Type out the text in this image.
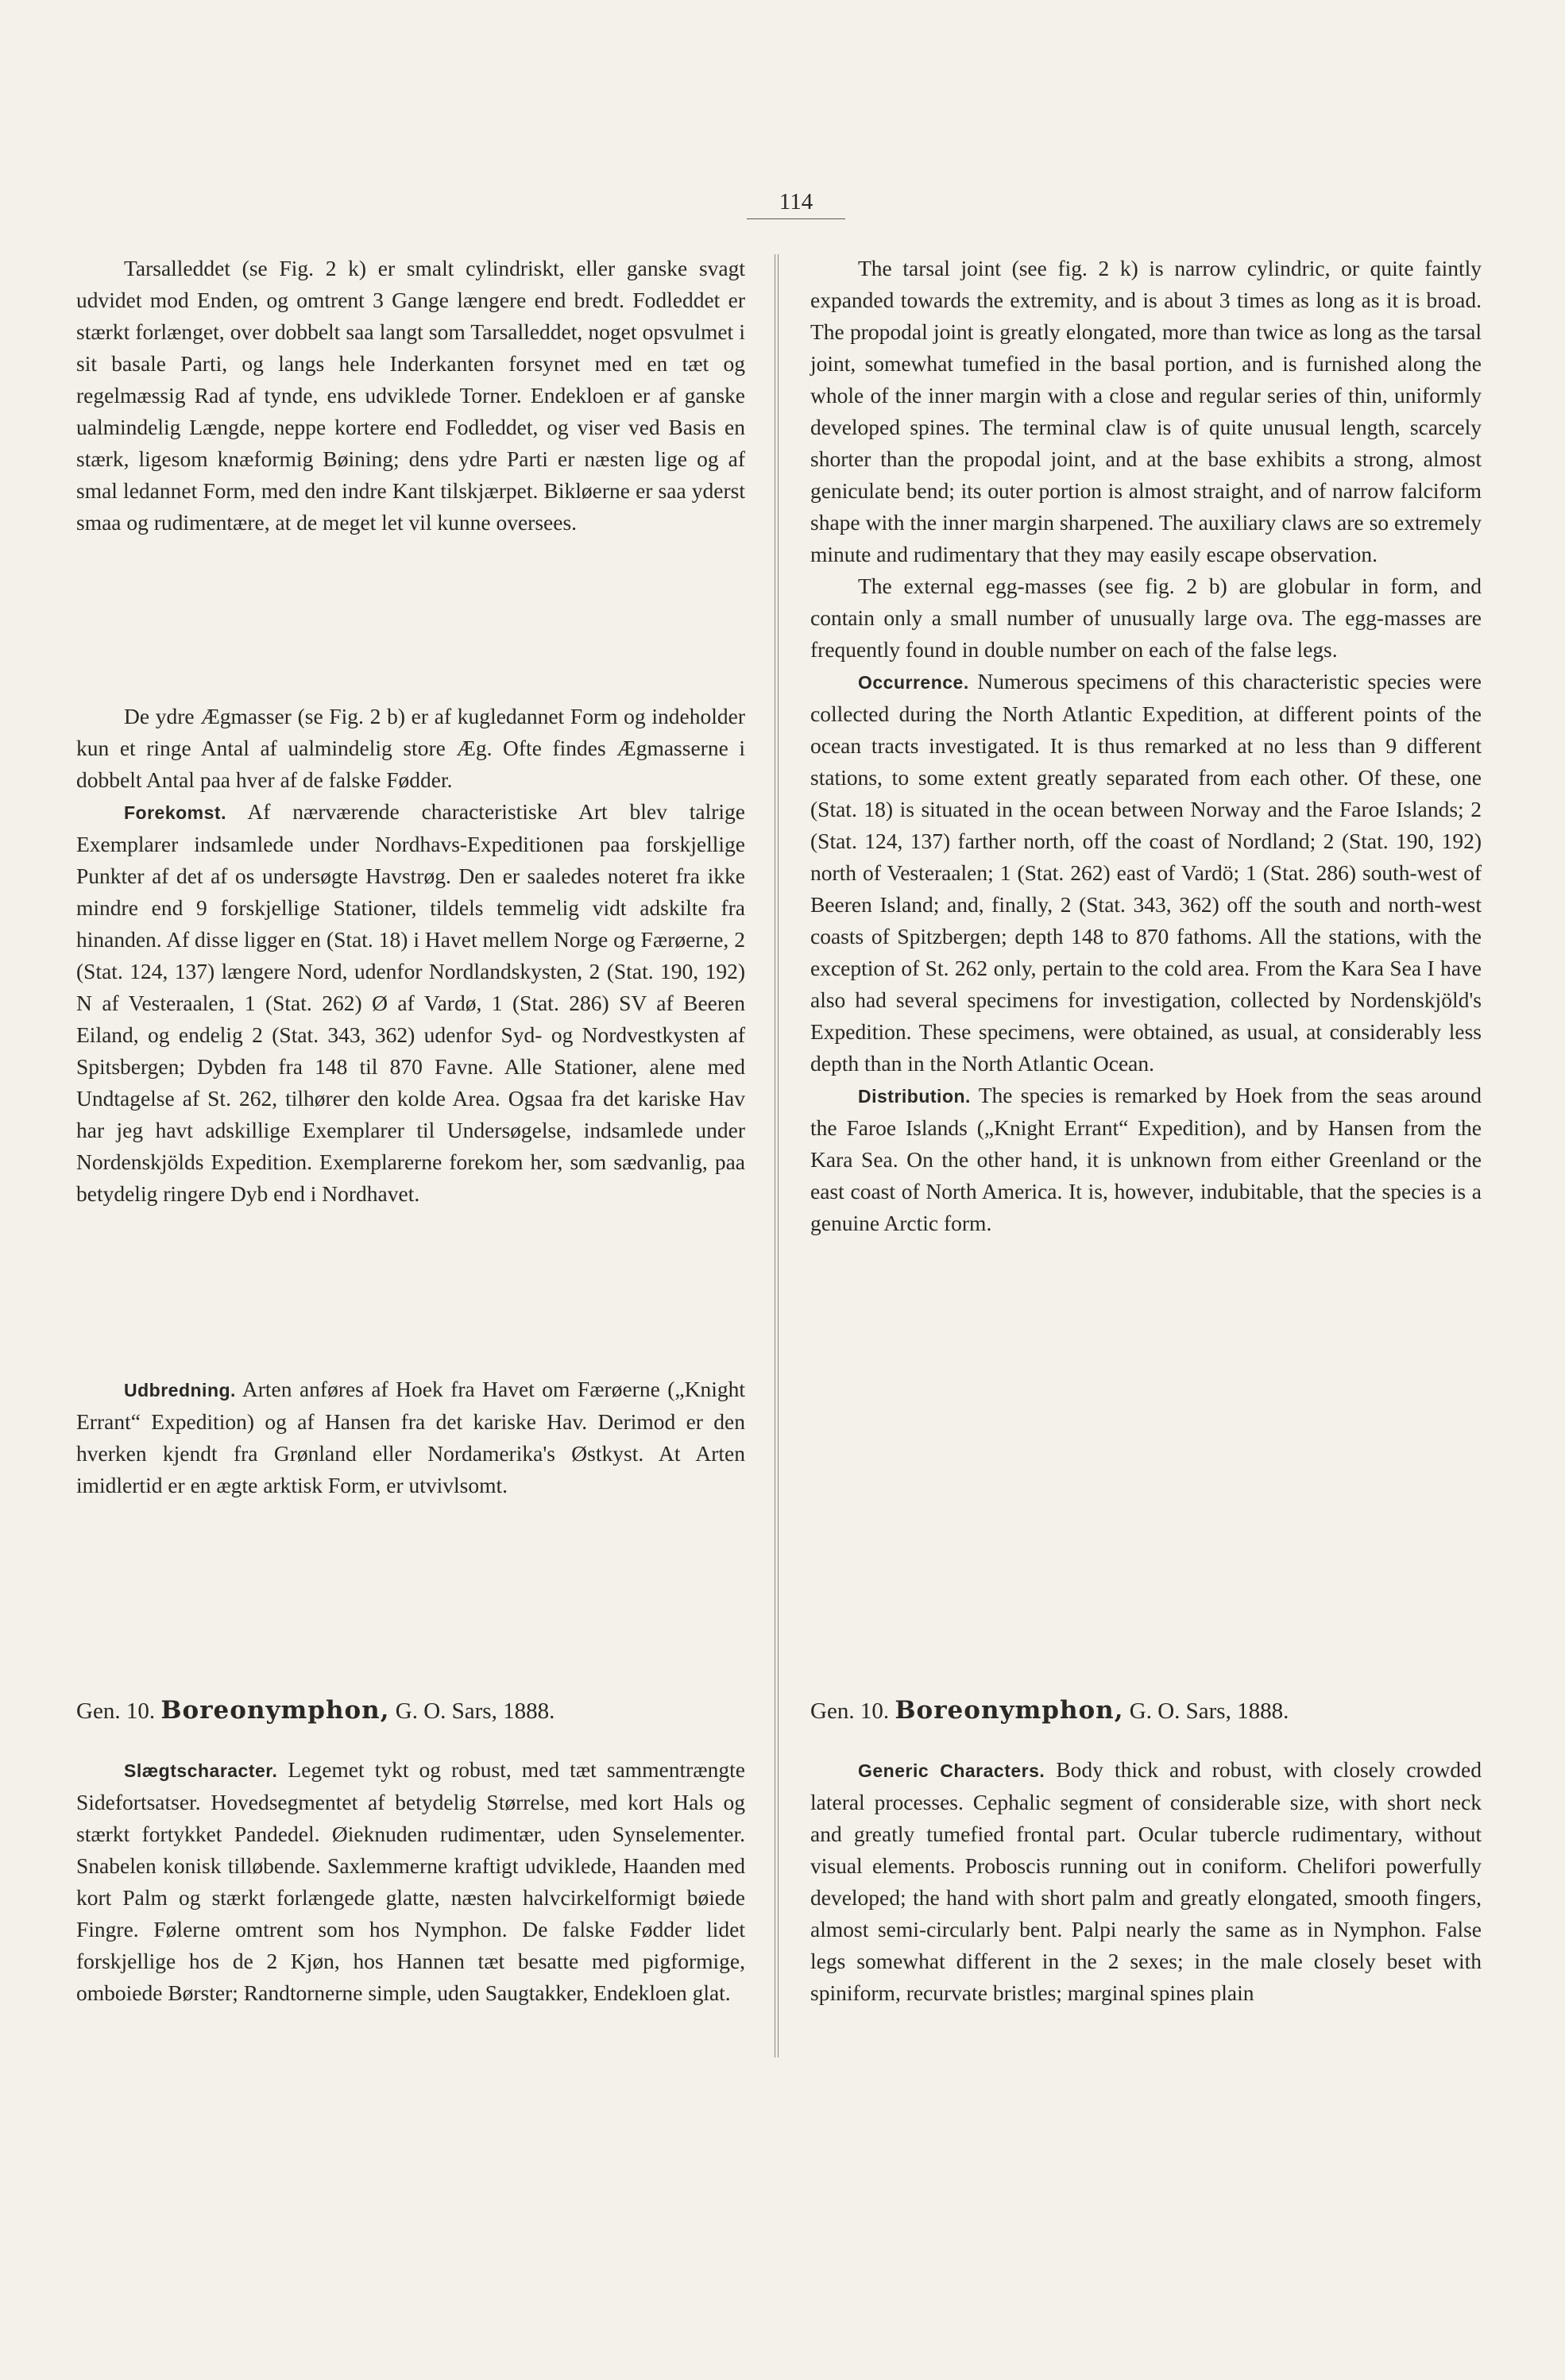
114

Tarsalleddet (se Fig. 2 k) er smalt cylindriskt, eller ganske svagt udvidet mod Enden, og omtrent 3 Gange længere end bredt. Fodleddet er stærkt forlænget, over dobbelt saa langt som Tarsalleddet, noget opsvulmet i sit basale Parti, og langs hele Inderkanten forsynet med en tæt og regelmæssig Rad af tynde, ens udviklede Torner. Endekloen er af ganske ualmindelig Længde, neppe kortere end Fodleddet, og viser ved Basis en stærk, ligesom knæformig Bøining; dens ydre Parti er næsten lige og af smal ledannet Form, med den indre Kant tilskjærpet. Bikløerne er saa yderst smaa og rudimentære, at de meget let vil kunne oversees.

De ydre Ægmasser (se Fig. 2 b) er af kugledannet Form og indeholder kun et ringe Antal af ualmindelig store Æg. Ofte findes Ægmasserne i dobbelt Antal paa hver af de falske Fødder.

Forekomst. Af nærværende characteristiske Art blev talrige Exemplarer indsamlede under Nordhavs-Expeditionen paa forskjellige Punkter af det af os undersøgte Havstrøg. Den er saaledes noteret fra ikke mindre end 9 forskjellige Stationer, tildels temmelig vidt adskilte fra hinanden. Af disse ligger en (Stat. 18) i Havet mellem Norge og Færøerne, 2 (Stat. 124, 137) længere Nord, udenfor Nordlandskysten, 2 (Stat. 190, 192) N af Vesteraalen, 1 (Stat. 262) Ø af Vardø, 1 (Stat. 286) SV af Beeren Eiland, og endelig 2 (Stat. 343, 362) udenfor Syd- og Nordvestkysten af Spitsbergen; Dybden fra 148 til 870 Favne. Alle Stationer, alene med Undtagelse af St. 262, tilhører den kolde Area. Ogsaa fra det kariske Hav har jeg havt adskillige Exemplarer til Undersøgelse, indsamlede under Nordenskjölds Expedition. Exemplarerne forekom her, som sædvanlig, paa betydelig ringere Dyb end i Nordhavet.

Udbredning. Arten anføres af Hoek fra Havet om Færøerne („Knight Errant“ Expedition) og af Hansen fra det kariske Hav. Derimod er den hverken kjendt fra Grønland eller Nordamerika's Østkyst. At Arten imidlertid er en ægte arktisk Form, er utvivlsomt.

Gen. 10. Boreonymphon, G. O. Sars, 1888.

Slægtscharacter. Legemet tykt og robust, med tæt sammentrængte Sidefortsatser. Hovedsegmentet af betydelig Størrelse, med kort Hals og stærkt fortykket Pandedel. Øieknuden rudimentær, uden Synselementer. Snabelen konisk tilløbende. Saxlemmerne kraftigt udviklede, Haanden med kort Palm og stærkt forlængede glatte, næsten halvcirkelformigt bøiede Fingre. Følerne omtrent som hos Nymphon. De falske Fødder lidet forskjellige hos de 2 Kjøn, hos Hannen tæt besatte med pigformige, omboiede Børster; Randtornerne simple, uden Saugtakker, Endekloen glat.

The tarsal joint (see fig. 2 k) is narrow cylindric, or quite faintly expanded towards the extremity, and is about 3 times as long as it is broad. The propodal joint is greatly elongated, more than twice as long as the tarsal joint, somewhat tumefied in the basal portion, and is furnished along the whole of the inner margin with a close and regular series of thin, uniformly developed spines. The terminal claw is of quite unusual length, scarcely shorter than the propodal joint, and at the base exhibits a strong, almost geniculate bend; its outer portion is almost straight, and of narrow falciform shape with the inner margin sharpened. The auxiliary claws are so extremely minute and rudimentary that they may easily escape observation.

The external egg-masses (see fig. 2 b) are globular in form, and contain only a small number of unusually large ova. The egg-masses are frequently found in double number on each of the false legs.

Occurrence. Numerous specimens of this characteristic species were collected during the North Atlantic Expedition, at different points of the ocean tracts investigated. It is thus remarked at no less than 9 different stations, to some extent greatly separated from each other. Of these, one (Stat. 18) is situated in the ocean between Norway and the Faroe Islands; 2 (Stat. 124, 137) farther north, off the coast of Nordland; 2 (Stat. 190, 192) north of Vesteraalen; 1 (Stat. 262) east of Vardö; 1 (Stat. 286) south-west of Beeren Island; and, finally, 2 (Stat. 343, 362) off the south and north-west coasts of Spitzbergen; depth 148 to 870 fathoms. All the stations, with the exception of St. 262 only, pertain to the cold area. From the Kara Sea I have also had several specimens for investigation, collected by Nordenskjöld's Expedition. These specimens, were obtained, as usual, at considerably less depth than in the North Atlantic Ocean.

Distribution. The species is remarked by Hoek from the seas around the Faroe Islands („Knight Errant“ Expedition), and by Hansen from the Kara Sea. On the other hand, it is unknown from either Greenland or the east coast of North America. It is, however, indubitable, that the species is a genuine Arctic form.

Gen. 10. Boreonymphon, G. O. Sars, 1888.

Generic Characters. Body thick and robust, with closely crowded lateral processes. Cephalic segment of considerable size, with short neck and greatly tumefied frontal part. Ocular tubercle rudimentary, without visual elements. Proboscis running out in coniform. Chelifori powerfully developed; the hand with short palm and greatly elongated, smooth fingers, almost semi-circularly bent. Palpi nearly the same as in Nymphon. False legs somewhat different in the 2 sexes; in the male closely beset with spiniform, recurvate bristles; marginal spines plain
